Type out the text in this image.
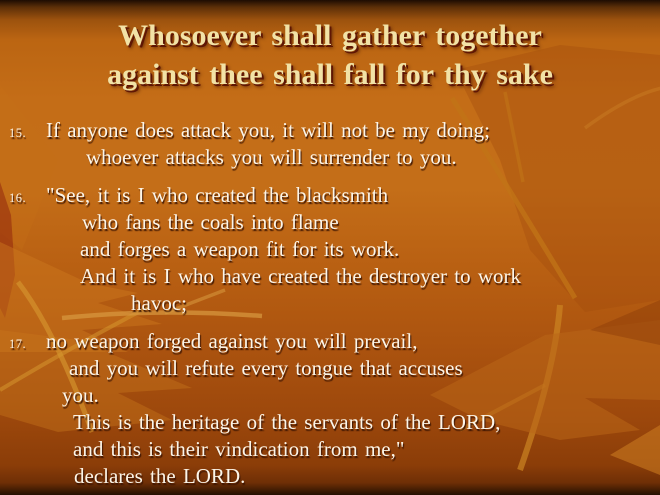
Whosoever shall gather together
against thee shall fall for thy sake
15. If anyone does attack you, it will not be my doing;
whoever attacks you will surrender to you.
16. "See, it is I who created the blacksmith
who fans the coals into flame
and forges a weapon fit for its work.
And it is I who have created the destroyer to work
havoc;
17. no weapon forged against you will prevail,
and you will refute every tongue that accuses
you.
This is the heritage of the servants of the LORD,
and this is their vindication from me,"
declares the LORD.
